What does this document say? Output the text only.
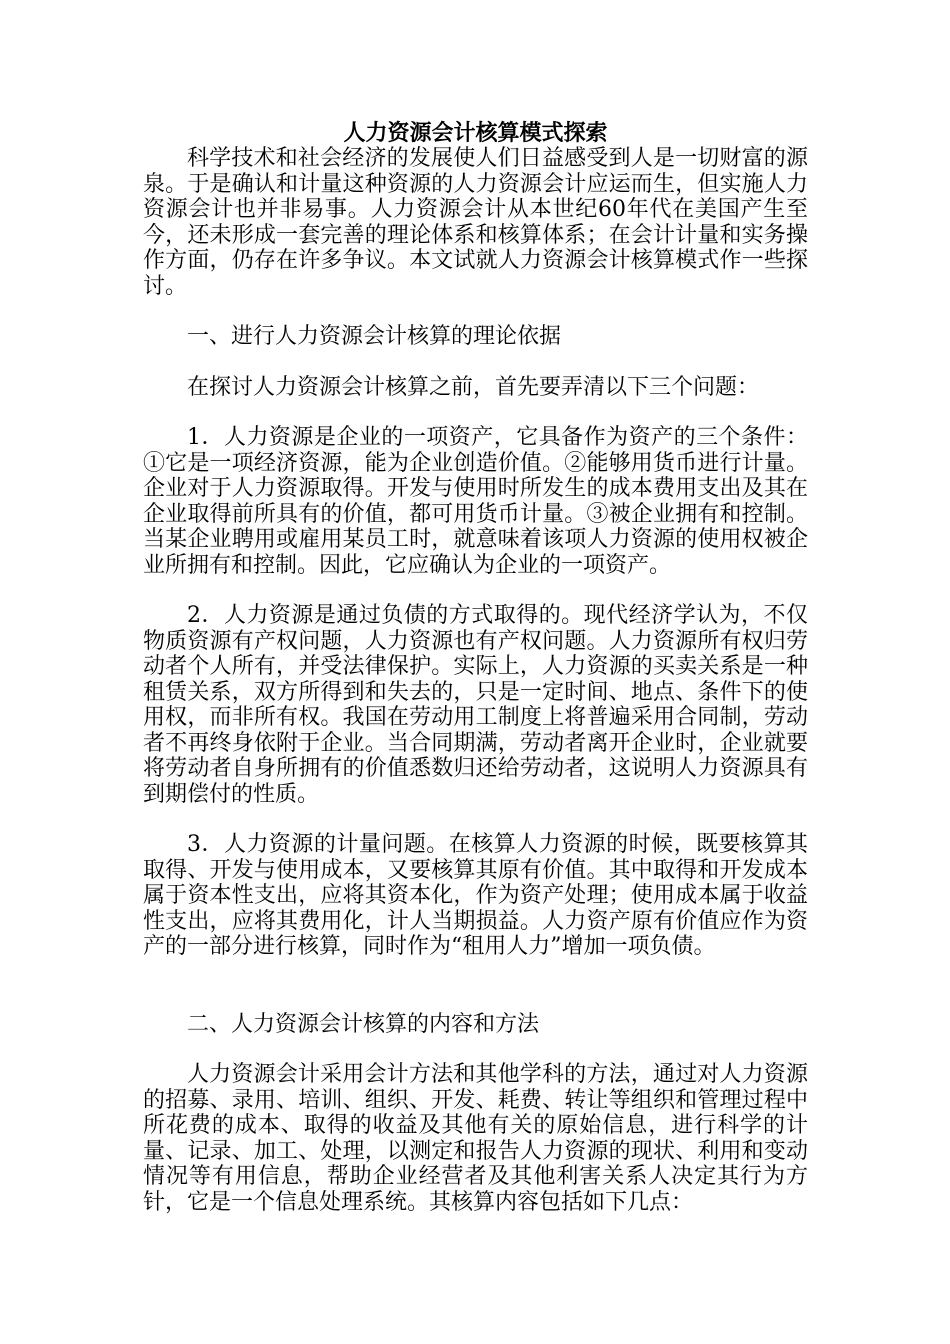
人力资源会计核算模式探索

科学技术和社会经济的发展使人们日益感受到人是一切财富的源泉。于是确认和计量这种资源的人力资源会计应运而生，但实施人力资源会计也并非易事。人力资源会计从本世纪60年代在美国产生至今，还未形成一套完善的理论体系和核算体系；在会计计量和实务操作方面，仍存在许多争议。本文试就人力资源会计核算模式作一些探讨。

一、进行人力资源会计核算的理论依据

在探讨人力资源会计核算之前，首先要弄清以下三个问题：

1．人力资源是企业的一项资产，它具备作为资产的三个条件：①它是一项经济资源，能为企业创造价值。②能够用货币进行计量。企业对于人力资源取得。开发与使用时所发生的成本费用支出及其在企业取得前所具有的价值，都可用货币计量。③被企业拥有和控制。当某企业聘用或雇用某员工时，就意味着该项人力资源的使用权被企业所拥有和控制。因此，它应确认为企业的一项资产。

2．人力资源是通过负债的方式取得的。现代经济学认为，不仅物质资源有产权问题，人力资源也有产权问题。人力资源所有权归劳动者个人所有，并受法律保护。实际上，人力资源的买卖关系是一种租赁关系，双方所得到和失去的，只是一定时间、地点、条件下的使用权，而非所有权。我国在劳动用工制度上将普遍采用合同制，劳动者不再终身依附于企业。当合同期满，劳动者离开企业时，企业就要将劳动者自身所拥有的价值悉数归还给劳动者，这说明人力资源具有到期偿付的性质。

3．人力资源的计量问题。在核算人力资源的时候，既要核算其取得、开发与使用成本，又要核算其原有价值。其中取得和开发成本属于资本性支出，应将其资本化，作为资产处理；使用成本属于收益性支出，应将其费用化，计人当期损益。人力资产原有价值应作为资产的一部分进行核算，同时作为“租用人力”增加一项负债。

二、人力资源会计核算的内容和方法

人力资源会计采用会计方法和其他学科的方法，通过对人力资源的招募、录用、培训、组织、开发、耗费、转让等组织和管理过程中所花费的成本、取得的收益及其他有关的原始信息，进行科学的计量、记录、加工、处理，以测定和报告人力资源的现状、利用和变动情况等有用信息，帮助企业经营者及其他利害关系人决定其行为方针，它是一个信息处理系统。其核算内容包括如下几点：
